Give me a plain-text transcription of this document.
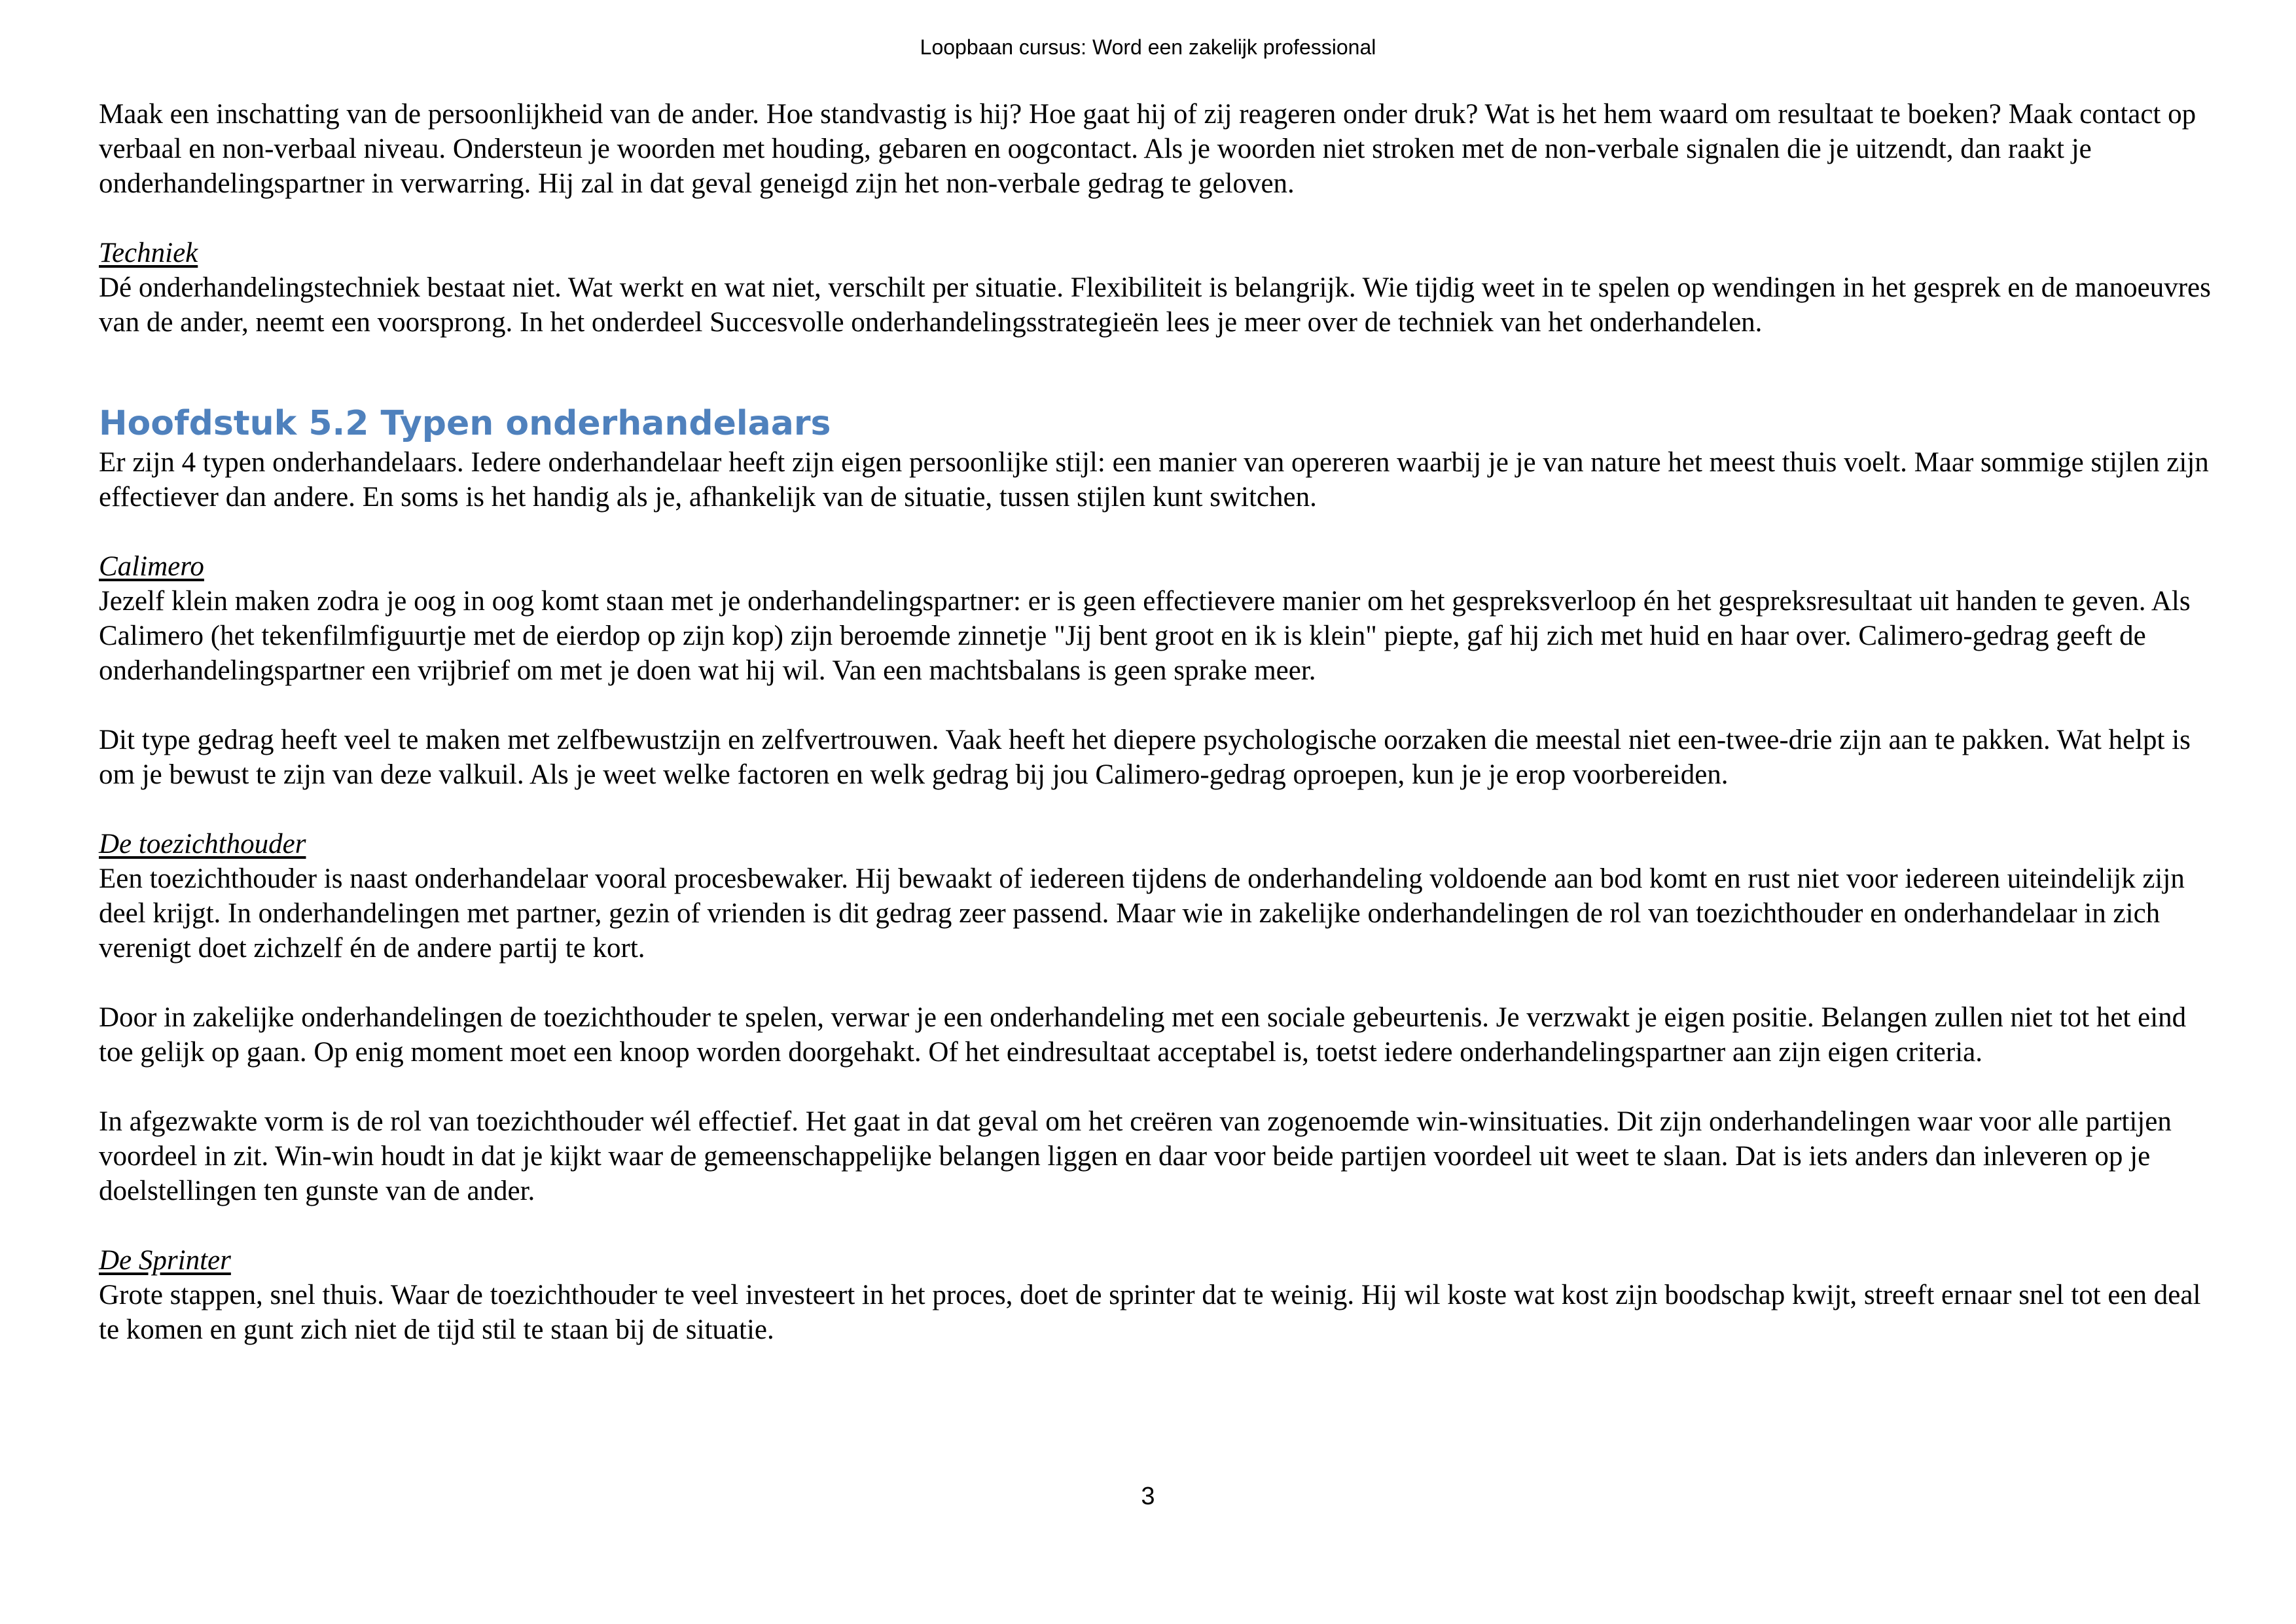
Loopbaan cursus: Word een zakelijk professional

Maak een inschatting van de persoonlijkheid van de ander. Hoe standvastig is hij? Hoe gaat hij of zij reageren onder druk? Wat is het hem waard om resultaat te boeken? Maak contact op verbaal en non-verbaal niveau. Ondersteun je woorden met houding, gebaren en oogcontact. Als je woorden niet stroken met de non-verbale signalen die je uitzendt, dan raakt je onderhandelingspartner in verwarring. Hij zal in dat geval geneigd zijn het non-verbale gedrag te geloven.

Techniek

Dé onderhandelingstechniek bestaat niet. Wat werkt en wat niet, verschilt per situatie. Flexibiliteit is belangrijk. Wie tijdig weet in te spelen op wendingen in het gesprek en de manoeuvres van de ander, neemt een voorsprong. In het onderdeel Succesvolle onderhandelingsstrategieën lees je meer over de techniek van het onderhandelen.

Hoofdstuk 5.2 Typen onderhandelaars

Er zijn 4 typen onderhandelaars. Iedere onderhandelaar heeft zijn eigen persoonlijke stijl: een manier van opereren waarbij je je van nature het meest thuis voelt. Maar sommige stijlen zijn effectiever dan andere. En soms is het handig als je, afhankelijk van de situatie, tussen stijlen kunt switchen.

Calimero

Jezelf klein maken zodra je oog in oog komt staan met je onderhandelingspartner: er is geen effectievere manier om het gespreksverloop én het gespreksresultaat uit handen te geven. Als Calimero (het tekenfilmfiguurtje met de eierdop op zijn kop) zijn beroemde zinnetje "Jij bent groot en ik is klein" piepte, gaf hij zich met huid en haar over. Calimero-gedrag geeft de onderhandelingspartner een vrijbrief om met je doen wat hij wil. Van een machtsbalans is geen sprake meer.

Dit type gedrag heeft veel te maken met zelfbewustzijn en zelfvertrouwen. Vaak heeft het diepere psychologische oorzaken die meestal niet een-twee-drie zijn aan te pakken. Wat helpt is om je bewust te zijn van deze valkuil. Als je weet welke factoren en welk gedrag bij jou Calimero-gedrag oproepen, kun je je erop voorbereiden.

De toezichthouder

Een toezichthouder is naast onderhandelaar vooral procesbewaker. Hij bewaakt of iedereen tijdens de onderhandeling voldoende aan bod komt en rust niet voor iedereen uiteindelijk zijn deel krijgt. In onderhandelingen met partner, gezin of vrienden is dit gedrag zeer passend. Maar wie in zakelijke onderhandelingen de rol van toezichthouder en onderhandelaar in zich verenigt doet zichzelf én de andere partij te kort.

Door in zakelijke onderhandelingen de toezichthouder te spelen, verwar je een onderhandeling met een sociale gebeurtenis. Je verzwakt je eigen positie. Belangen zullen niet tot het eind toe gelijk op gaan. Op enig moment moet een knoop worden doorgehakt. Of het eindresultaat acceptabel is, toetst iedere onderhandelingspartner aan zijn eigen criteria.

In afgezwakte vorm is de rol van toezichthouder wél effectief. Het gaat in dat geval om het creëren van zogenoemde win-winsituaties. Dit zijn onderhandelingen waar voor alle partijen voordeel in zit. Win-win houdt in dat je kijkt waar de gemeenschappelijke belangen liggen en daar voor beide partijen voordeel uit weet te slaan. Dat is iets anders dan inleveren op je doelstellingen ten gunste van de ander.

De Sprinter

Grote stappen, snel thuis. Waar de toezichthouder te veel investeert in het proces, doet de sprinter dat te weinig. Hij wil koste wat kost zijn boodschap kwijt, streeft ernaar snel tot een deal te komen en gunt zich niet de tijd stil te staan bij de situatie.

3
